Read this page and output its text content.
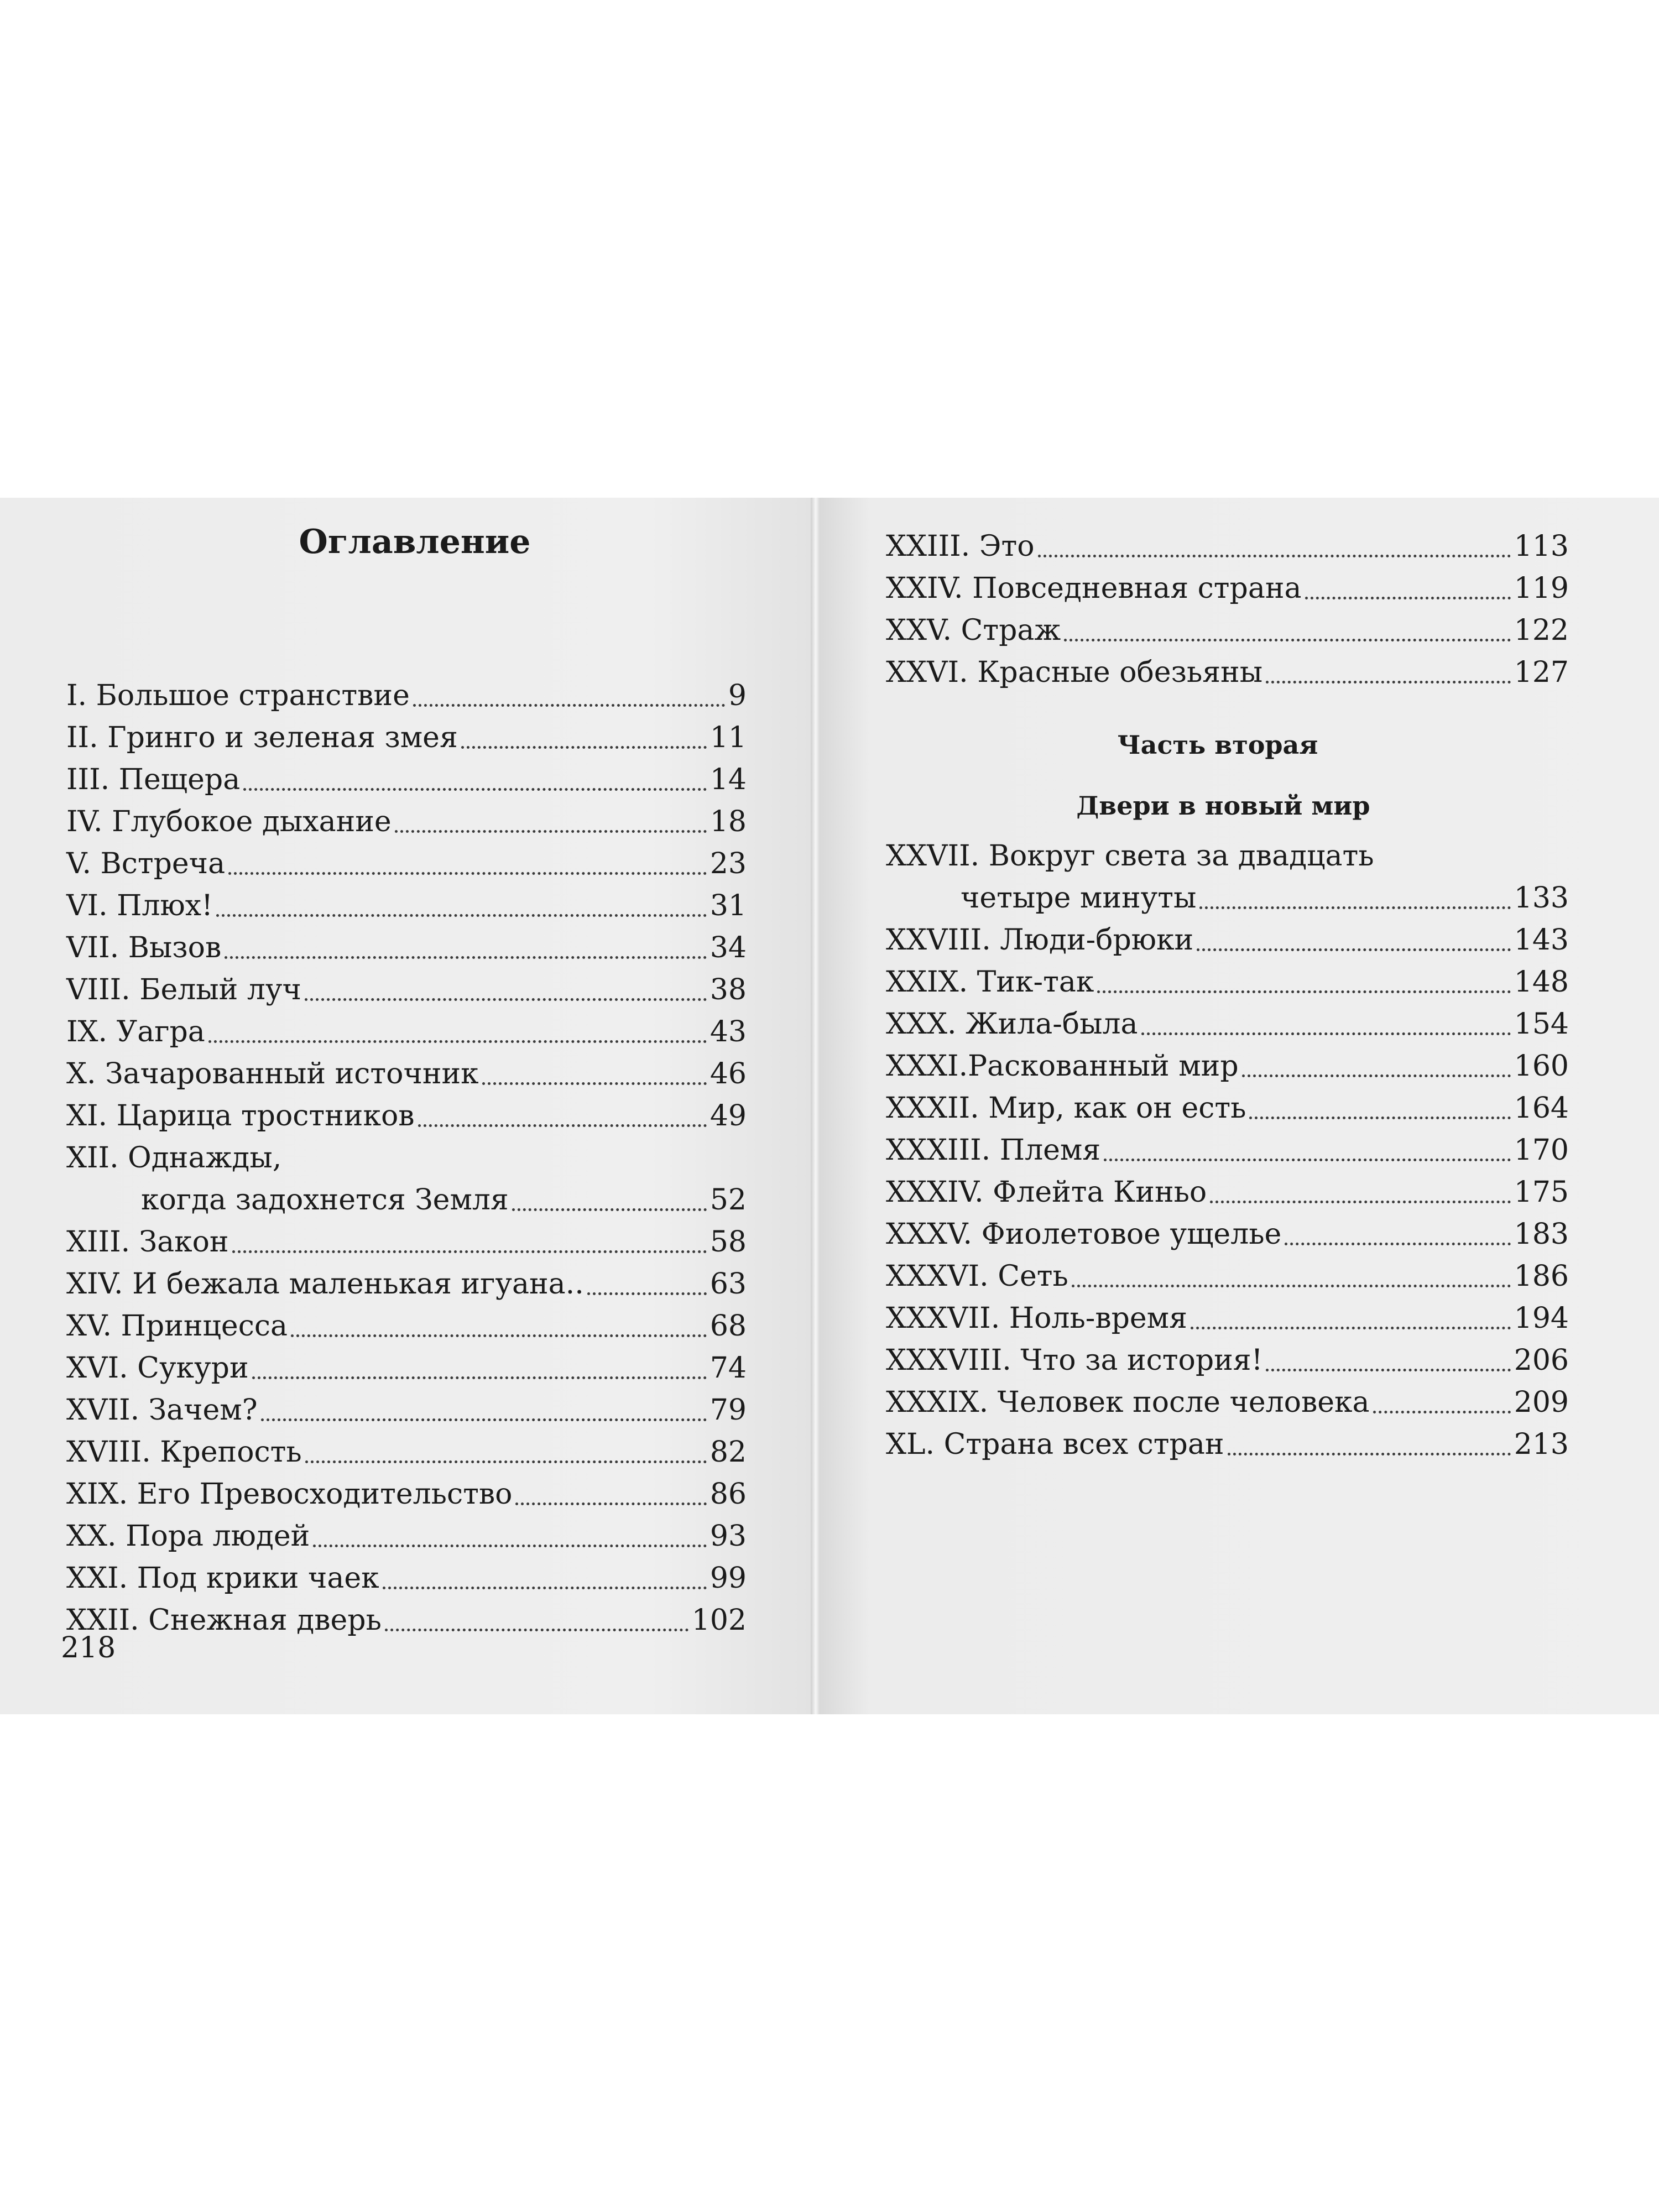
Оглавление
I. Большое странствие	9
II. Гринго и зеленая змея	11
III. Пещера	14
IV. Глубокое дыхание	18
V. Встреча	23
VI. Плюх!	31
VII. Вызов	34
VIII. Белый луч	38
IX. Уагра	43
X. Зачарованный источник	46
XI. Царица тростников	49
XII. Однажды,
когда задохнется Земля	52
XIII. Закон	58
XIV. И бежала маленькая игуана..	63
XV. Принцесса	68
XVI. Сукури	74
XVII. Зачем?	79
XVIII. Крепость	82
XIX. Его Превосходительство	86
XX. Пора людей	93
XXI. Под крики чаек	99
XXII. Снежная дверь	102
218
XXIII. Это	113
XXIV. Повседневная страна	119
XXV. Страж	122
XXVI. Красные обезьяны	127
Часть вторая
Двери в новый мир
XXVII. Вокруг света за двадцать
четыре минуты	133
XXVIII. Люди-брюки	143
XXIX. Тик-так	148
XXX. Жила-была	154
XXXI.Раскованный мир	160
XXXII. Мир, как он есть	164
XXXIII. Племя	170
XXXIV. Флейта Киньо	175
XXXV. Фиолетовое ущелье	183
XXXVI. Сеть	186
XXXVII. Ноль-время	194
XXXVIII. Что за история!	206
XXXIX. Человек после человека	209
XL. Страна всех стран	213
